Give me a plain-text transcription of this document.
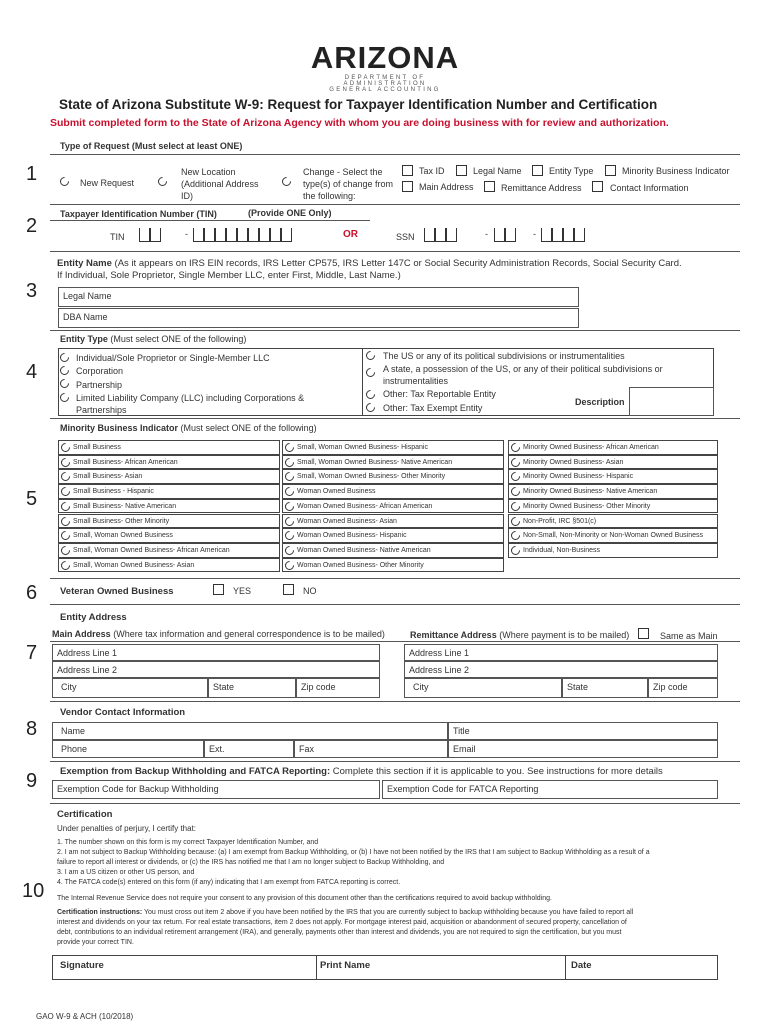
ARIZONA
DEPARTMENT OF ADMINISTRATION
GENERAL ACCOUNTING
State of Arizona Substitute W-9: Request for Taxpayer Identification Number and Certification
Submit completed form to the State of Arizona Agency with whom you are doing business with for review and authorization.
1
Type of Request (Must select at least ONE)
New Request
New Location (Additional Address ID)
Change - Select the type(s) of change from the following:
Tax ID	Legal Name	Entity Type	Minority Business Indicator
Main Address	Remittance Address	Contact Information
2
Taxpayer Identification Number (TIN)	(Provide ONE Only)
TIN	-	OR	SSN	-	-
3
Entity Name (As it appears on IRS EIN records, IRS Letter CP575, IRS Letter 147C or Social Security Administration Records, Social Security Card.
If Individual, Sole Proprietor, Single Member LLC, enter First, Middle, Last Name.)
Legal Name
DBA Name
4
Entity Type (Must select ONE of the following)
Individual/Sole Proprietor or Single-Member LLC
Corporation
Partnership
Limited Liability Company (LLC) including Corporations & Partnerships
The US or any of its political subdivisions or instrumentalities
A state, a possession of the US, or any of their political subdivisions or instrumentalities
Other: Tax Reportable Entity
Other: Tax Exempt Entity
Description
5
Minority Business Indicator (Must select ONE of the following)
Small Business
Small Business- African American
Small Business- Asian
Small Business - Hispanic
Small Business- Native American
Small Business- Other Minority
Small, Woman Owned Business
Small, Woman Owned Business- African American
Small, Woman Owned Business- Asian
Small, Woman Owned Business- Hispanic
Small, Woman Owned Business- Native American
Small, Woman Owned Business- Other Minority
Woman Owned Business
Woman Owned Business- African American
Woman Owned Business- Asian
Woman Owned Business- Hispanic
Woman Owned Business- Native American
Woman Owned Business- Other Minority
Minority Owned Business- African American
Minority Owned Business- Asian
Minority Owned Business- Hispanic
Minority Owned Business- Native American
Minority Owned Business- Other Minority
Non-Profit, IRC §501(c)
Non-Small, Non-Minority or Non-Woman Owned Business
Individual, Non-Business
6 Veteran Owned Business	YES	NO
7
Entity Address
Main Address (Where tax information and general correspondence is to be mailed)	Remittance Address (Where payment is to be mailed)	Same as Main
Address Line 1
Address Line 2
City	State	Zip code
Address Line 1
Address Line 2
City	State	Zip code
8
Vendor Contact Information
Name	Title
Phone	Ext.	Fax	Email
9 Exemption from Backup Withholding and FATCA Reporting: Complete this section if it is applicable to you. See instructions for more details
Exemption Code for Backup Withholding	Exemption Code for FATCA Reporting
10
Certification
Under penalties of perjury, I certify that:
1. The number shown on this form is my correct Taxpayer Identification Number, and
2. I am not subject to Backup Withholding because: (a) I am exempt from Backup Withholding, or (b) I have not been notified by the IRS that I am subject to Backup Withholding as a result of a
failure to report all interest or dividends, or (c) the IRS has notified me that I am no longer subject to Backup Withholding, and
3. I am a US citizen or other US person, and
4. The FATCA code(s) entered on this form (if any) indicating that I am exempt from FATCA reporting is correct.
The Internal Revenue Service does not require your consent to any provision of this document other than the certifications required to avoid backup withholding.
Certification instructions: You must cross out item 2 above if you have been notified by the IRS that you are currently subject to backup withholding because you have failed to report all
interest and dividends on your tax return. For real estate transactions, item 2 does not apply. For mortgage interest paid, acquisition or abandonment of secured property, cancellation of
debt, contributions to an individual retirement arrangement (IRA), and generally, payments other than interest and dividends, you are not required to sign the certification, but you must
provide your correct TIN.
Signature	Print Name	Date
GAO W-9 & ACH (10/2018)
